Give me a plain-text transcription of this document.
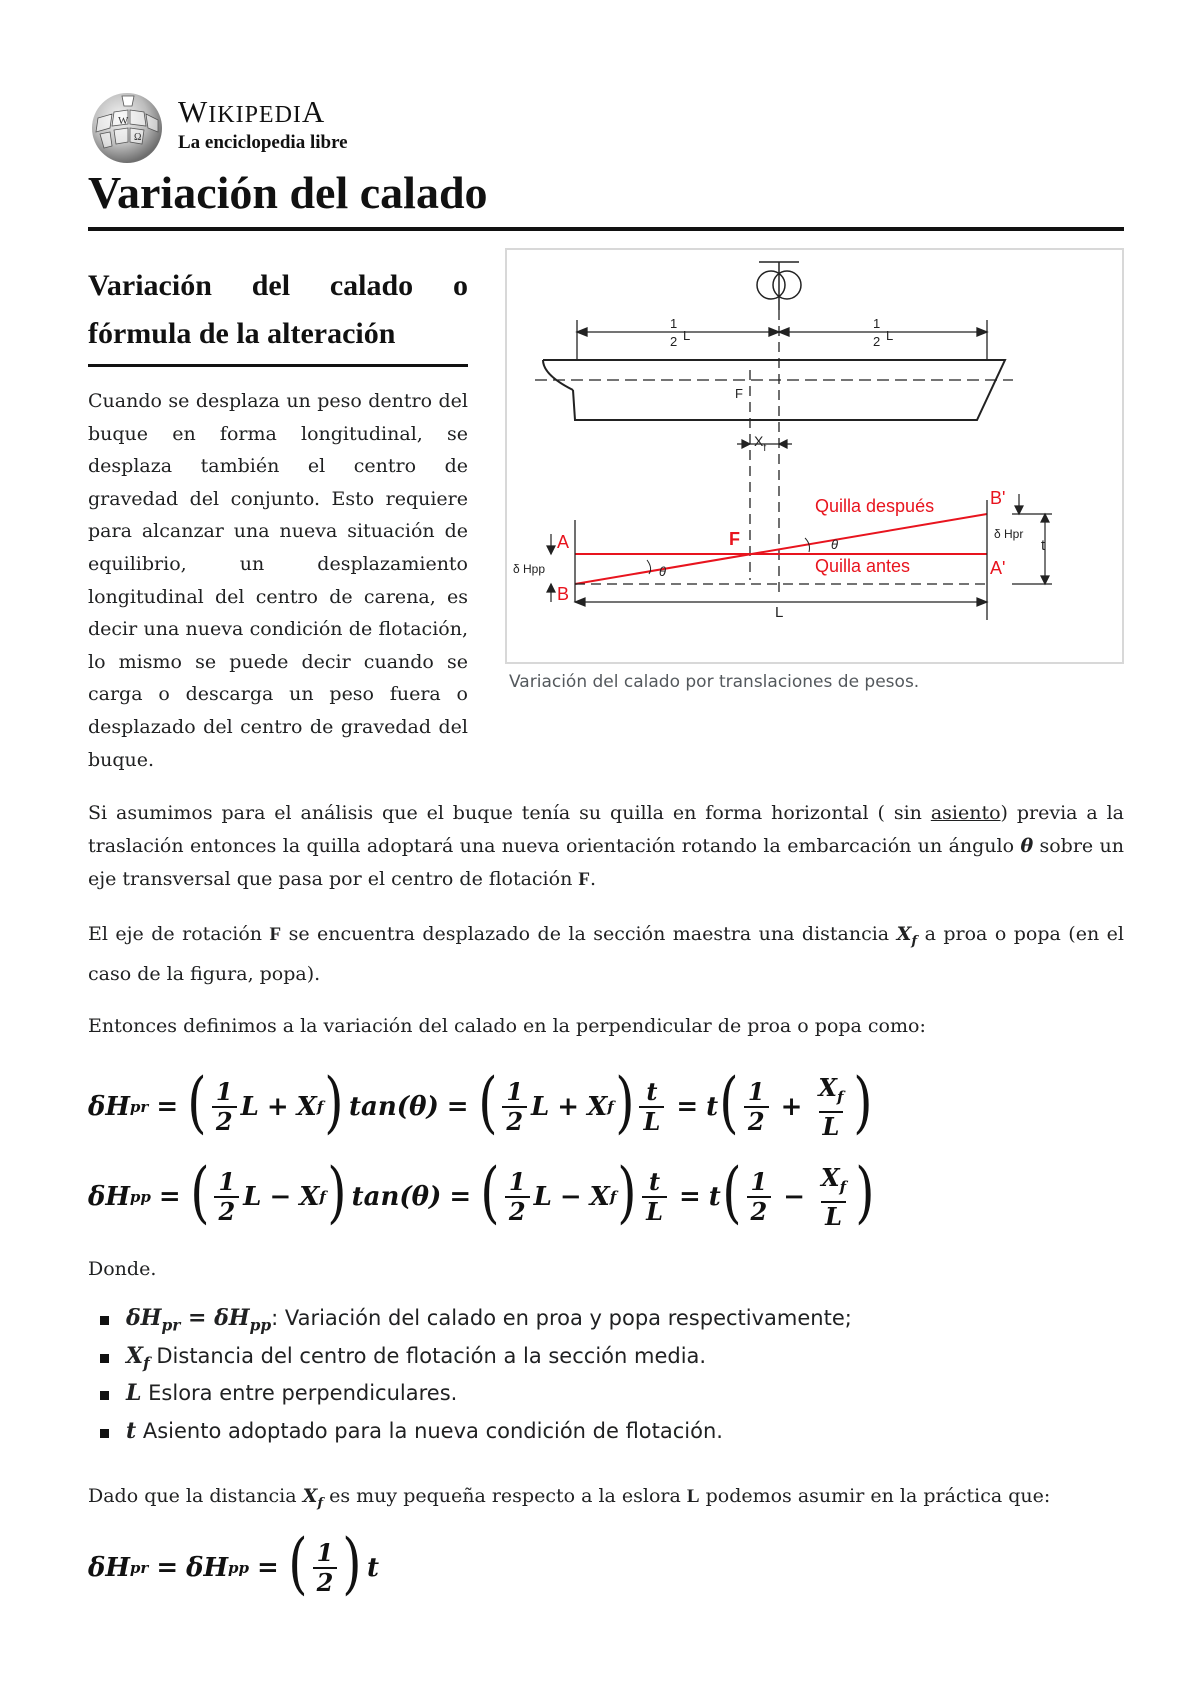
W
Ω
WIKIPEDIA
La enciclopedia libre
Variación del calado
Variación del calado o fórmula de la alteración

Cuando se desplaza un peso dentro del buque en forma longitudinal, se desplaza también el centro de gravedad del conjunto. Esto requiere para alcanzar una nueva situación de equilibrio, un desplazamiento longitudinal del centro de carena, es decir una nueva condición de flotación, lo mismo se puede decir cuando se carga o descarga un peso fuera o desplazado del centro de gravedad del buque.

1
2 L
1
2 L
F
$X_f$
θ
θ
Quilla después
Quilla antes
F
A
B
A'
B'
δ Hpp
δ Hpr
t
L
Variación del calado por translaciones de pesos.

Si asumimos para el análisis que el buque tenía su quilla en forma horizontal ( sin asiento) previa a la traslación entonces la quilla adoptará una nueva orientación rotando la embarcación un ángulo θ sobre un eje transversal que pasa por el centro de flotación F.

El eje de rotación F se encuentra desplazado de la sección maestra una distancia $X_f$ a proa o popa (en el caso de la figura, popa).

Entonces definimos a la variación del calado en la perpendicular de proa o popa como:

δH pr = ( $\frac{1}{2}$ L + X f ) tan(θ) = ( $\frac{1}{2}$ L + X f ) $\frac{t}{L} = t$ ( $\frac{1}{2} + \frac{X_f}{L}$ )
δH pp = ( $\frac{1}{2}$ L − X f ) tan(θ) = ( $\frac{1}{2}$ L − X f ) $\frac{t}{L} = t$ ( $\frac{1}{2} - \frac{X_f}{L}$ )

Donde.

$\delta H_{pr} = \delta H_{pp}$: Variación del calado en proa y popa respectivamente;
$X_f$ Distancia del centro de flotación a la sección media.
L Eslora entre perpendiculares.
t Asiento adoptado para la nueva condición de flotación.

Dado que la distancia $X_f$ es muy pequeña respecto a la eslora L podemos asumir en la práctica que:

δH pr = δH pp = ( $\frac{1}{2}$ ) t
